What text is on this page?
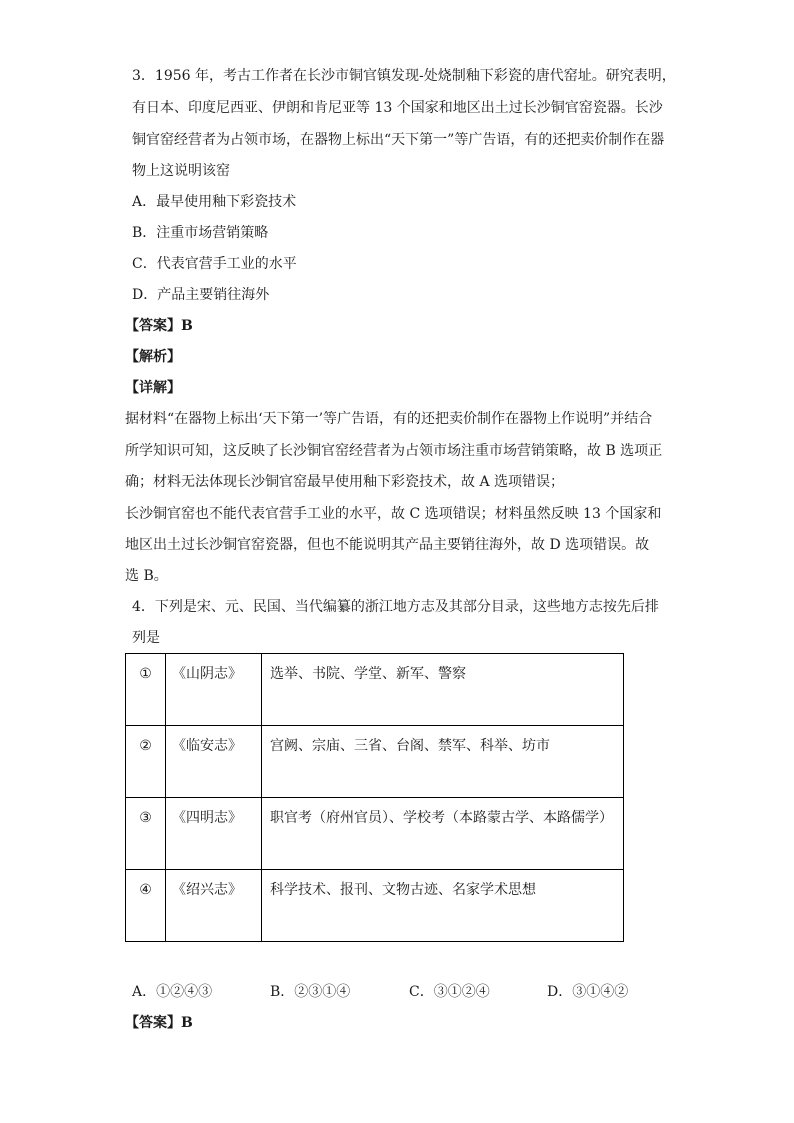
3．1956 年，考古工作者在长沙市铜官镇发现-处烧制釉下彩瓷的唐代窑址。研究表明，
有日本、印度尼西亚、伊朗和肯尼亚等 13 个国家和地区出土过长沙铜官窑瓷器。长沙
铜官窑经营者为占领市场，在器物上标出“天下第一”等广告语，有的还把卖价制作在器
物上这说明该窑
A．最早使用釉下彩瓷技术
B．注重市场营销策略
C．代表官营手工业的水平
D．产品主要销往海外
【答案】B
【解析】
【详解】
据材料“在器物上标出‘天下第一’等广告语，有的还把卖价制作在器物上作说明”并结合
所学知识可知，这反映了长沙铜官窑经营者为占领市场注重市场营销策略，故 B 选项正
确；材料无法体现长沙铜官窑最早使用釉下彩瓷技术，故 A 选项错误；
长沙铜官窑也不能代表官营手工业的水平，故 C 选项错误；材料虽然反映 13 个国家和
地区出土过长沙铜官窑瓷器，但也不能说明其产品主要销往海外，故 D 选项错误。故
选 B。
4．下列是宋、元、民国、当代编纂的浙江地方志及其部分目录，这些地方志按先后排
列是
①	《山阴志》	选举、书院、学堂、新军、警察
②	《临安志》	宫阙、宗庙、三省、台阁、禁军、科举、坊市
③	《四明志》	职官考（府州官员）、学校考（本路蒙古学、本路儒学）
④	《绍兴志》	科学技术、报刊、文物古迹、名家学术思想
A．①②④③	B．②③①④	C．③①②④	D．③①④②
【答案】B
